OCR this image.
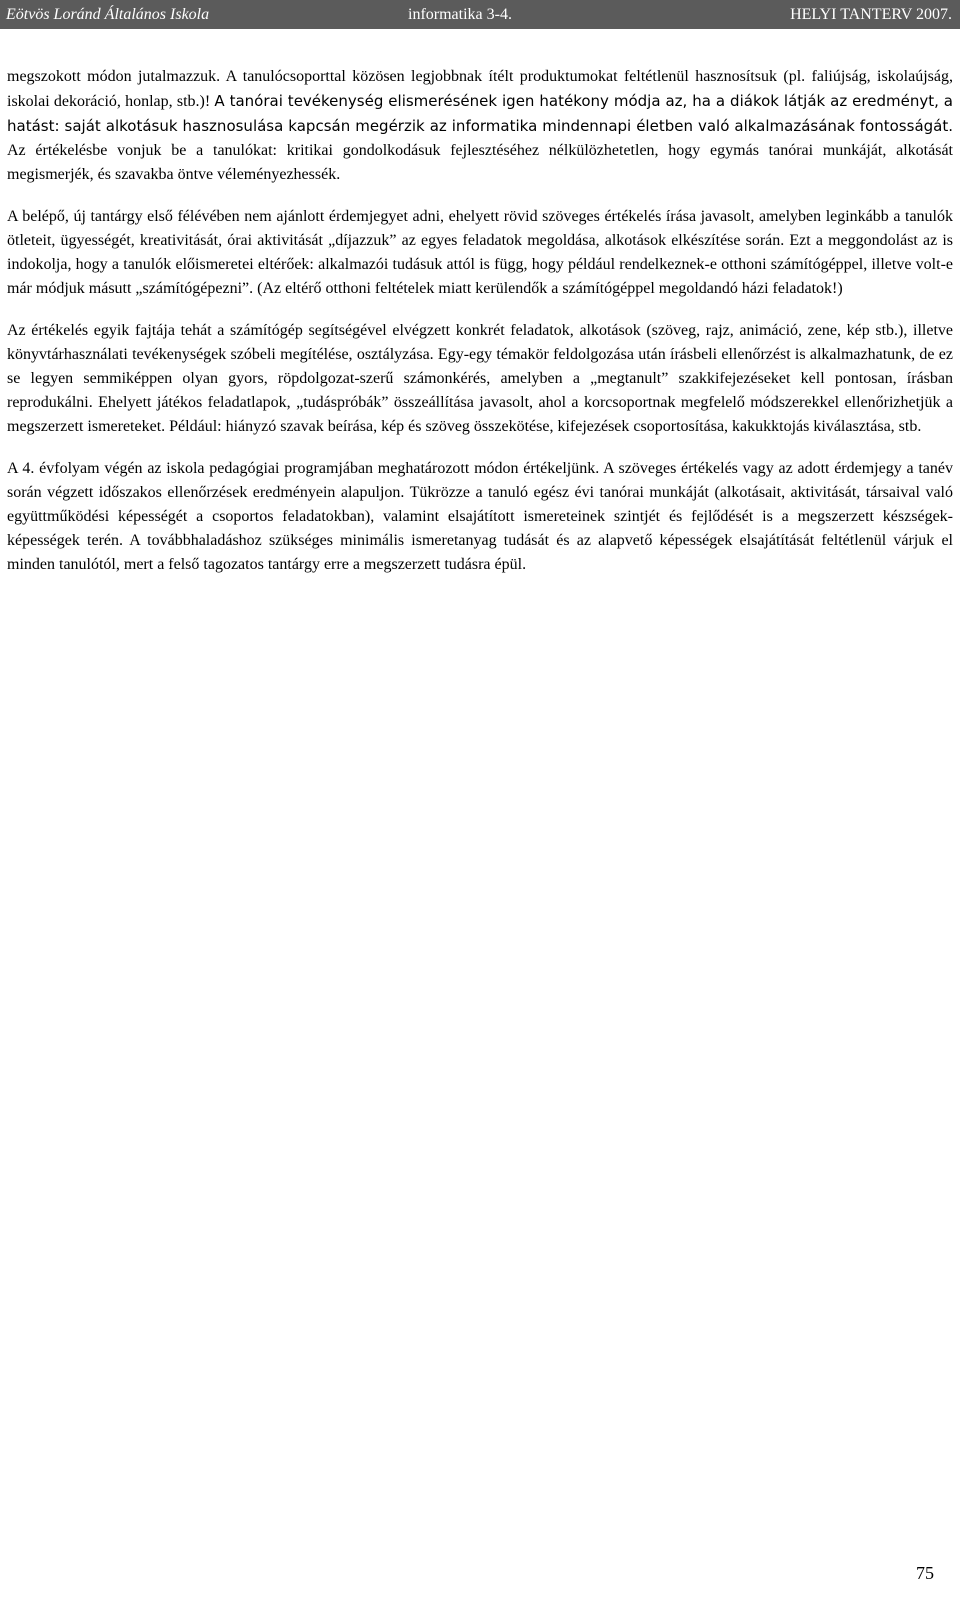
Eötvös Loránd Általános Iskola	informatika 3-4.	HELYI TANTERV 2007.

megszokott módon jutalmazzuk. A tanulócsoporttal közösen legjobbnak ítélt produktumokat feltétlenül hasznosítsuk (pl. faliújság, iskolaújság, iskolai dekoráció, honlap, stb.)! A tanórai tevékenység elismerésének igen hatékony módja az, ha a diákok látják az eredményt, a hatást: saját alkotásuk hasznosulása kapcsán megérzik az informatika mindennapi életben való alkalmazásának fontosságát. Az értékelésbe vonjuk be a tanulókat: kritikai gondolkodásuk fejlesztéséhez nélkülözhetetlen, hogy egymás tanórai munkáját, alkotását megismerjék, és szavakba öntve véleményezhessék.

A belépő, új tantárgy első félévében nem ajánlott érdemjegyet adni, ehelyett rövid szöveges értékelés írása javasolt, amelyben leginkább a tanulók ötleteit, ügyességét, kreativitását, órai aktivitását „díjazzuk” az egyes feladatok megoldása, alkotások elkészítése során. Ezt a meggondolást az is indokolja, hogy a tanulók előismeretei eltérőek: alkalmazói tudásuk attól is függ, hogy például rendelkeznek-e otthoni számítógéppel, illetve volt-e már módjuk másutt „számítógépezni”. (Az eltérő otthoni feltételek miatt kerülendők a számítógéppel megoldandó házi feladatok!)

Az értékelés egyik fajtája tehát a számítógép segítségével elvégzett konkrét feladatok, alkotások (szöveg, rajz, animáció, zene, kép stb.), illetve könyvtárhasználati tevékenységek szóbeli megítélése, osztályzása. Egy-egy témakör feldolgozása után írásbeli ellenőrzést is alkalmazhatunk, de ez se legyen semmiképpen olyan gyors, röpdolgozat-szerű számonkérés, amelyben a „megtanult” szakkifejezéseket kell pontosan, írásban reprodukálni. Ehelyett játékos feladatlapok, „tudáspróbák” összeállítása javasolt, ahol a korcsoportnak megfelelő módszerekkel ellenőrizhetjük a megszerzett ismereteket. Például: hiányzó szavak beírása, kép és szöveg összekötése, kifejezések csoportosítása, kakukktojás kiválasztása, stb.

A 4. évfolyam végén az iskola pedagógiai programjában meghatározott módon értékeljünk. A szöveges értékelés vagy az adott érdemjegy a tanév során végzett időszakos ellenőrzések eredményein alapuljon. Tükrözze a tanuló egész évi tanórai munkáját (alkotásait, aktivitását, társaival való együttműködési képességét a csoportos feladatokban), valamint elsajátított ismereteinek szintjét és fejlődését is a megszerzett készségek-képességek terén. A továbbhaladáshoz szükséges minimális ismeretanyag tudását és az alapvető képességek elsajátítását feltétlenül várjuk el minden tanulótól, mert a felső tagozatos tantárgy erre a megszerzett tudásra épül.

75
